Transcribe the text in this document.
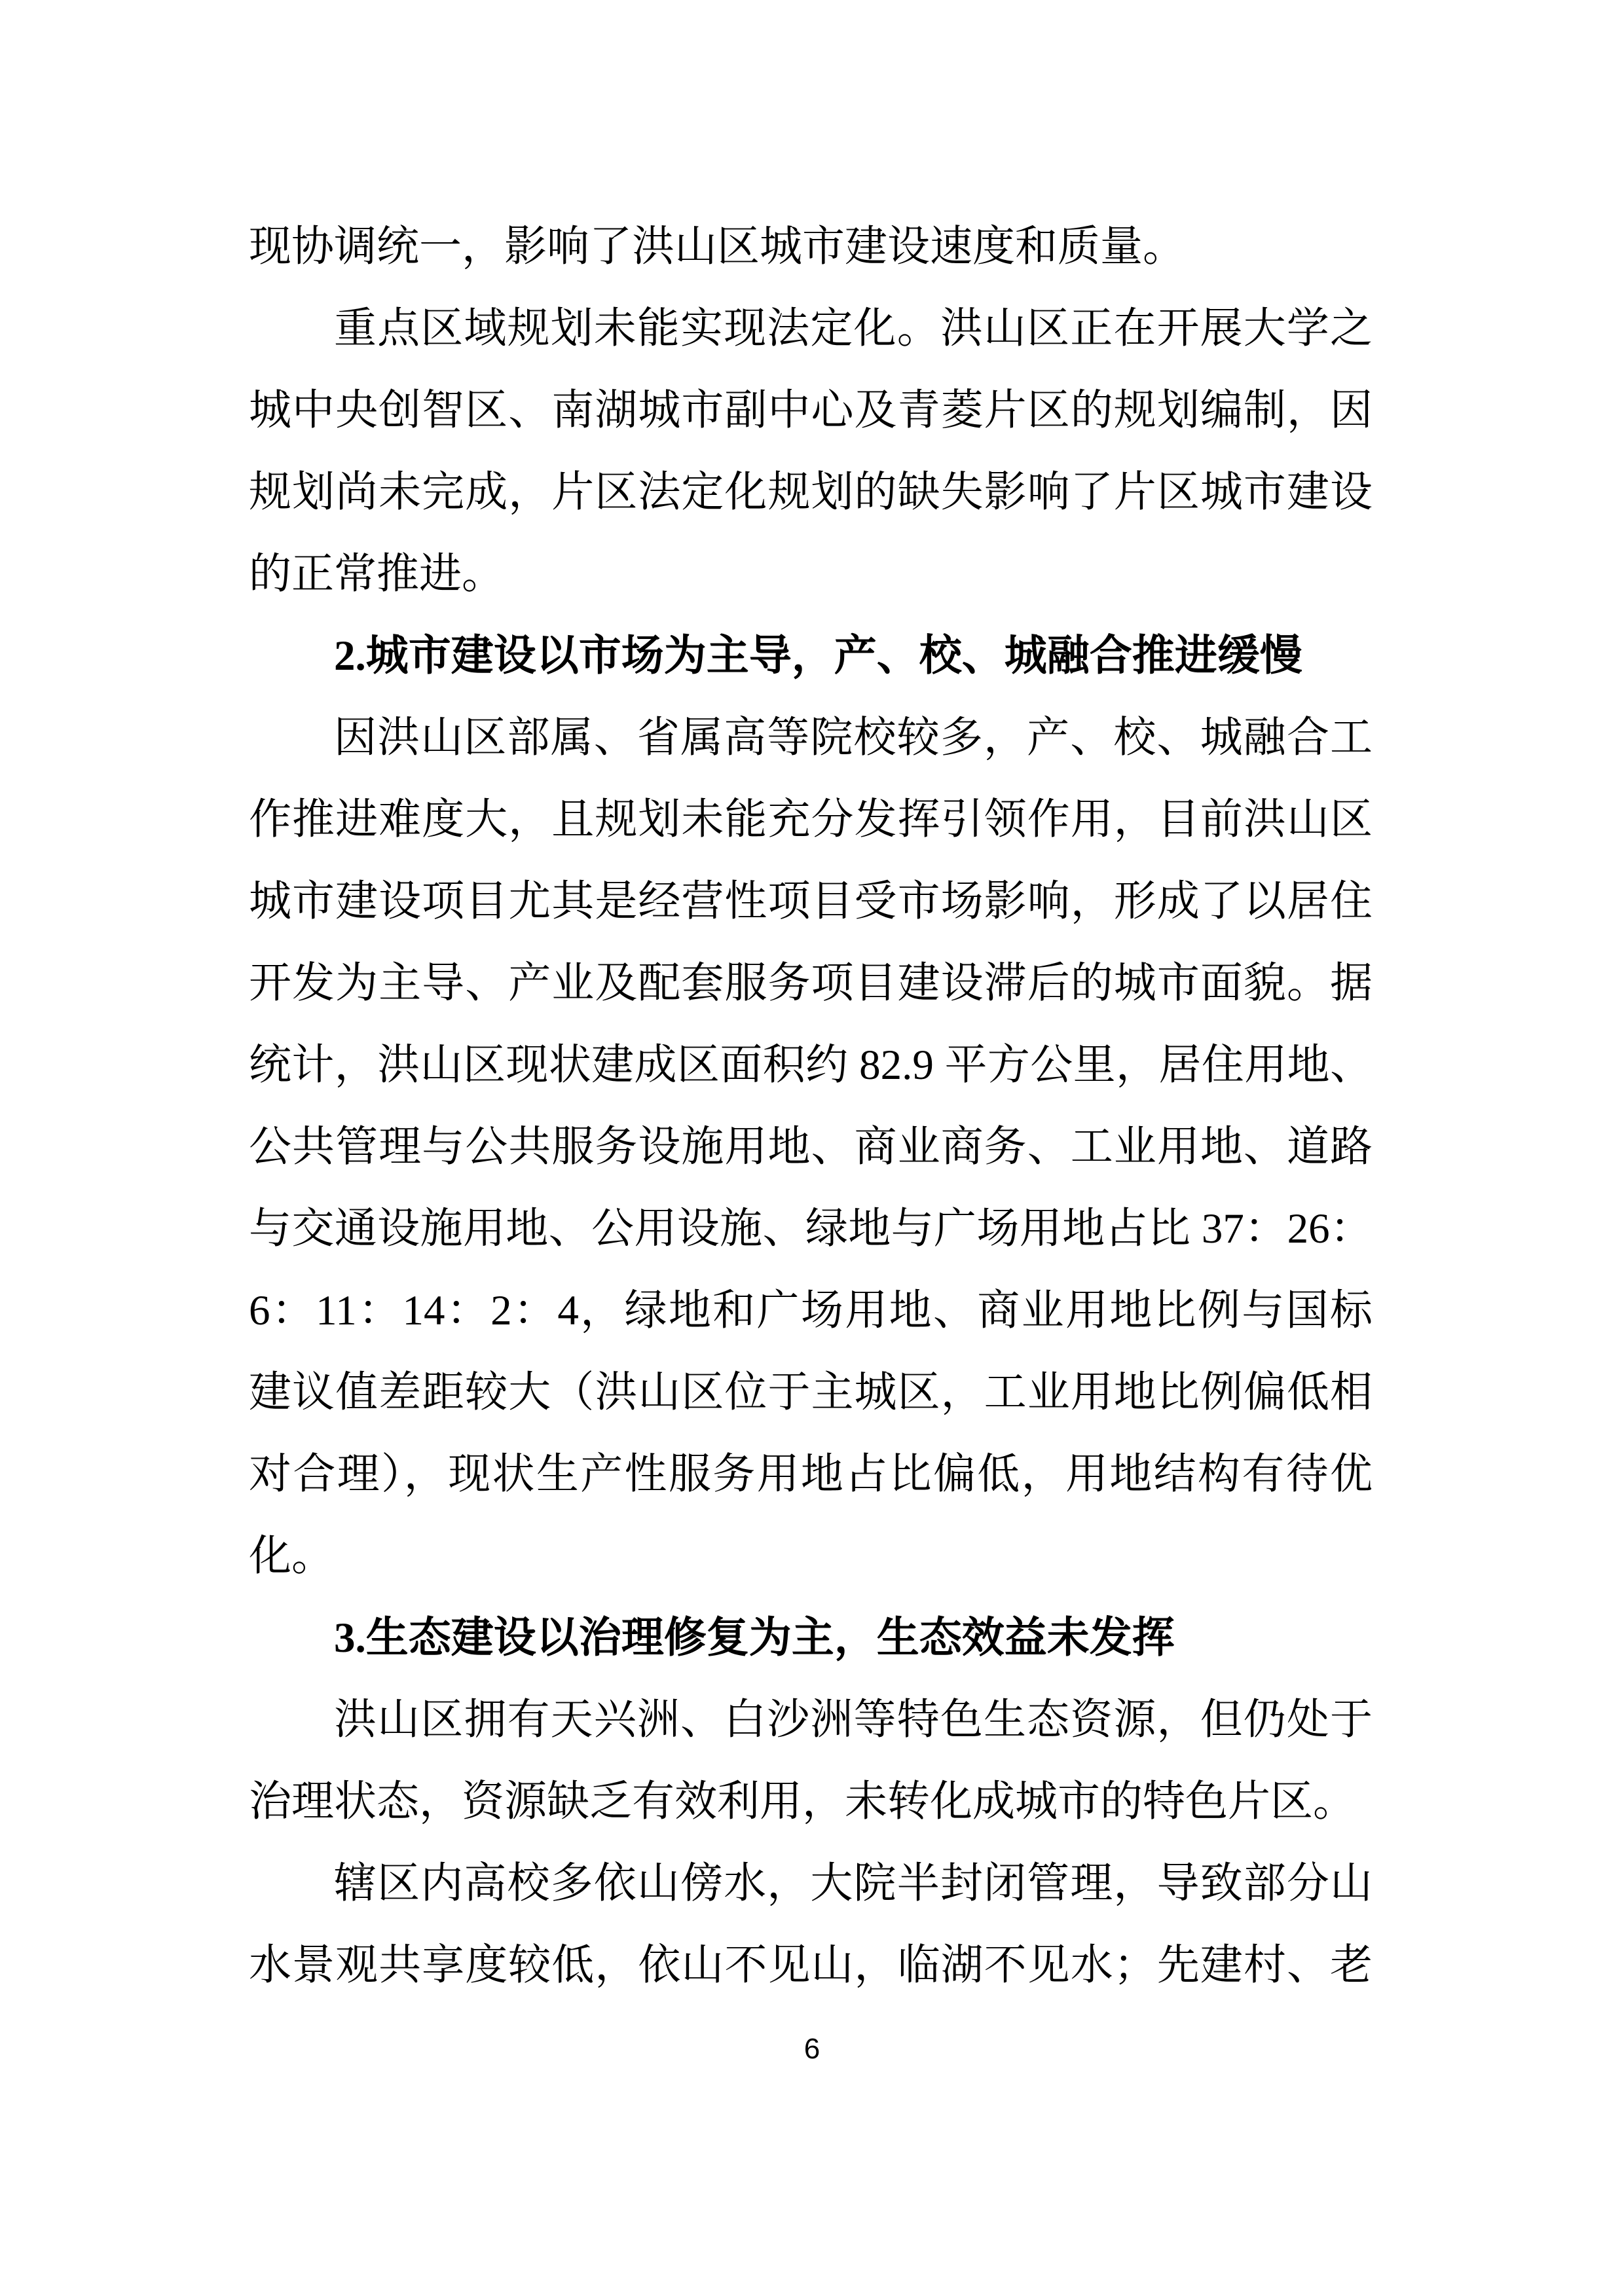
现协调统一，影响了洪山区城市建设速度和质量。
重点区域规划未能实现法定化。洪山区正在开展大学之
城中央创智区、南湖城市副中心及青菱片区的规划编制，因
规划尚未完成，片区法定化规划的缺失影响了片区城市建设
的正常推进。
2.城市建设以市场为主导，产、校、城融合推进缓慢
因洪山区部属、省属高等院校较多，产、校、城融合工
作推进难度大，且规划未能充分发挥引领作用，目前洪山区
城市建设项目尤其是经营性项目受市场影响，形成了以居住
开发为主导、产业及配套服务项目建设滞后的城市面貌。据
统计，洪山区现状建成区面积约 82.9 平方公里，居住用地、
公共管理与公共服务设施用地、商业商务、工业用地、道路
与交通设施用地、公用设施、绿地与广场用地占比 37：26：
6：11：14：2：4，绿地和广场用地、商业用地比例与国标
建议值差距较大（洪山区位于主城区，工业用地比例偏低相
对合理），现状生产性服务用地占比偏低，用地结构有待优
化。
3.生态建设以治理修复为主，生态效益未发挥
洪山区拥有天兴洲、白沙洲等特色生态资源，但仍处于
治理状态，资源缺乏有效利用，未转化成城市的特色片区。
辖区内高校多依山傍水，大院半封闭管理，导致部分山
水景观共享度较低，依山不见山，临湖不见水；先建村、老
6
